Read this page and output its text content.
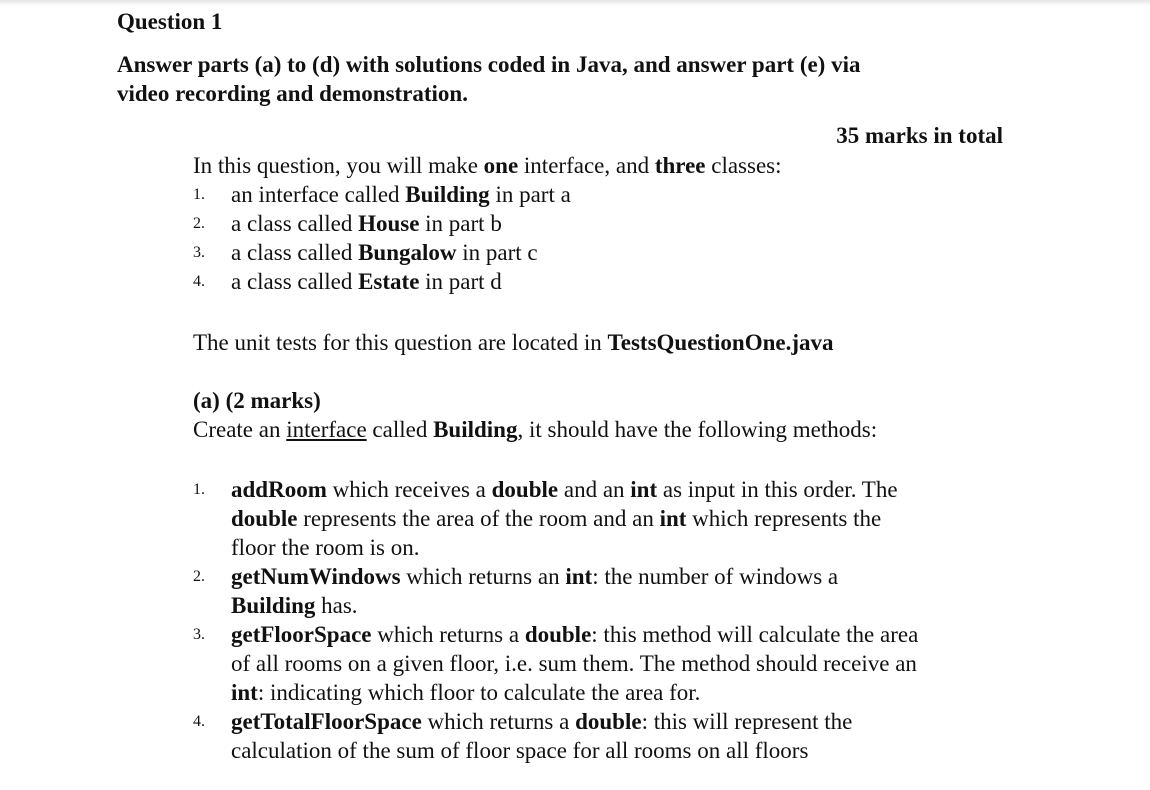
Question 1
Answer parts (a) to (d) with solutions coded in Java, and answer part (e) via
video recording and demonstration.
35 marks in total
In this question, you will make one interface, and three classes:
1. an interface called Building in part a
2. a class called House in part b
3. a class called Bungalow in part c
4. a class called Estate in part d
The unit tests for this question are located in TestsQuestionOne.java
(a) (2 marks)
Create an interface called Building, it should have the following methods:
1. addRoom which receives a double and an int as input in this order. The
double represents the area of the room and an int which represents the
floor the room is on.
2. getNumWindows which returns an int: the number of windows a
Building has.
3. getFloorSpace which returns a double: this method will calculate the area
of all rooms on a given floor, i.e. sum them. The method should receive an
int: indicating which floor to calculate the area for.
4. getTotalFloorSpace which returns a double: this will represent the
calculation of the sum of floor space for all rooms on all floors
